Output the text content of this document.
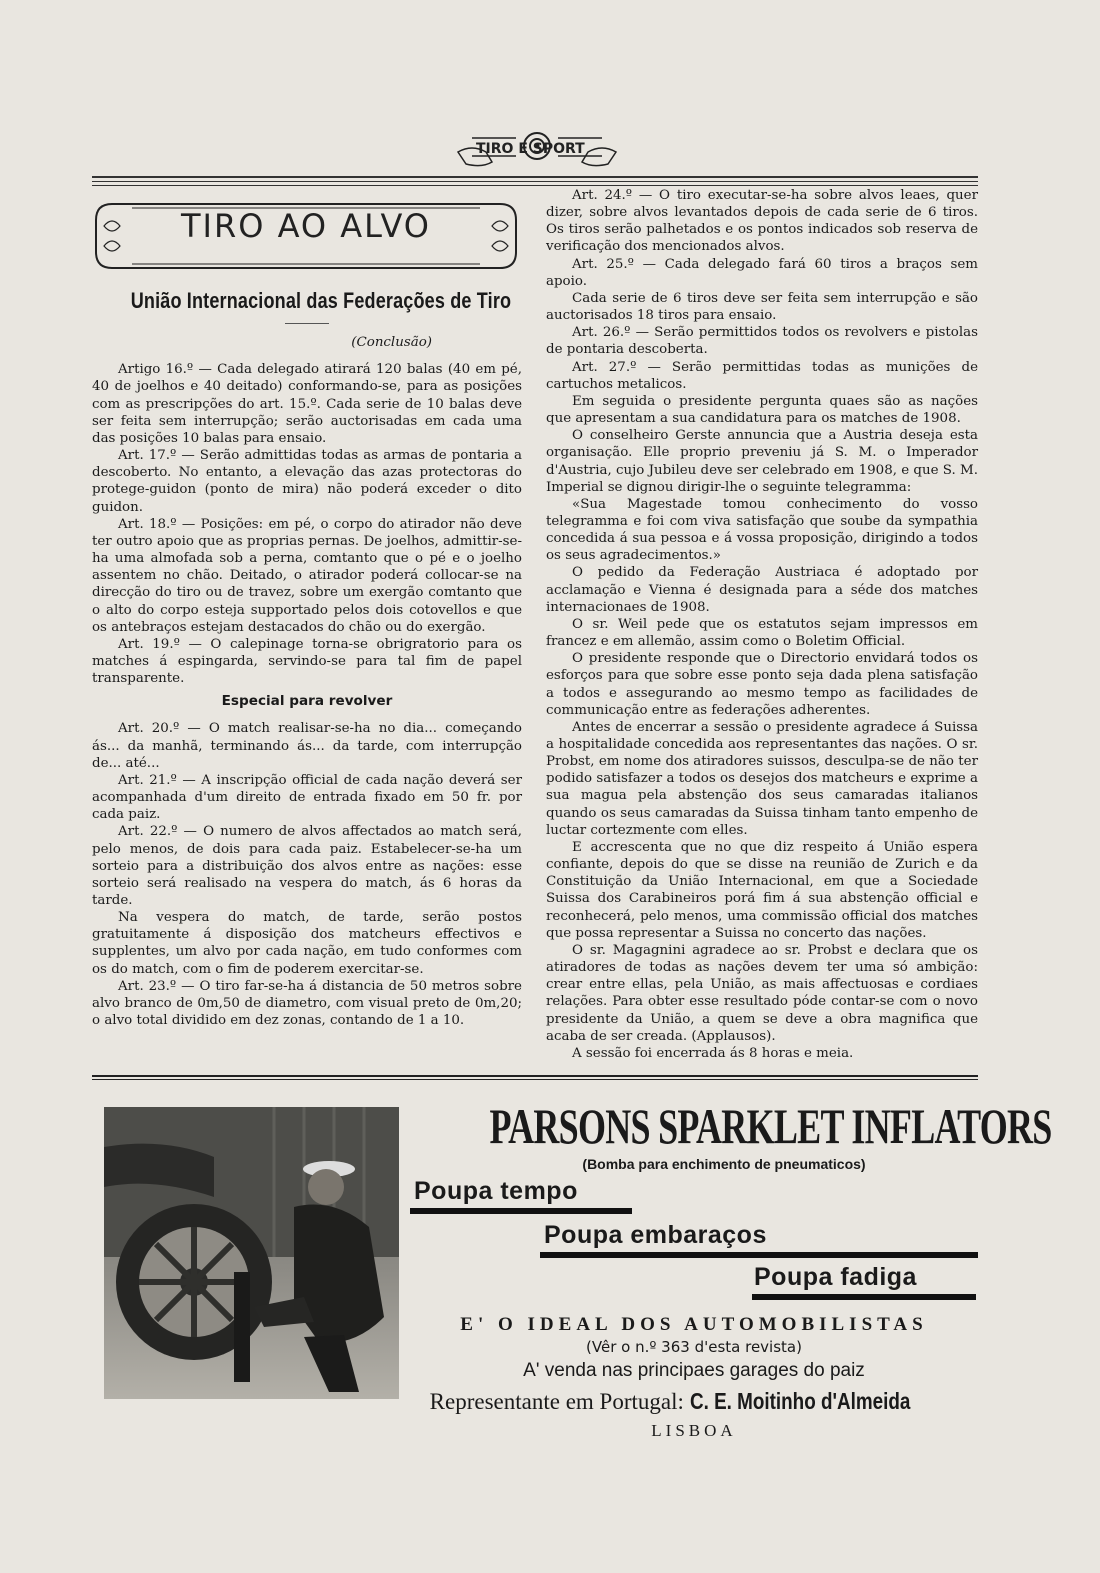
TIRO E SPORT
TIRO AO ALVO
União Internacional das Federações de Tiro
(Conclusão)

Artigo 16.º — Cada delegado atirará 120 balas (40 em pé, 40 de joelhos e 40 deitado) conformando-se, para as posições com as prescripções do art. 15.º. Cada serie de 10 balas deve ser feita sem interrupção; serão auctorisadas em cada uma das posições 10 balas para ensaio.

Art. 17.º — Serão admittidas todas as armas de pontaria a descoberto. No entanto, a elevação das azas protectoras do protege-guidon (ponto de mira) não poderá exceder o dito guidon.

Art. 18.º — Posições: em pé, o corpo do atirador não deve ter outro apoio que as proprias pernas. De joelhos, admittir-se-ha uma almofada sob a perna, comtanto que o pé e o joelho assentem no chão. Deitado, o atirador poderá collocar-se na direcção do tiro ou de travez, sobre um exergão comtanto que o alto do corpo esteja supportado pelos dois cotovellos e que os antebraços estejam destacados do chão ou do exergão.

Art. 19.º — O calepinage torna-se obrigratorio para os matches á espingarda, servindo-se para tal fim de papel transparente.

Especial para revolver

Art. 20.º — O match realisar-se-ha no dia... começando ás... da manhã, terminando ás... da tarde, com interrupção de... até...

Art. 21.º — A inscripção official de cada nação deverá ser acompanhada d'um direito de entrada fixado em 50 fr. por cada paiz.

Art. 22.º — O numero de alvos affectados ao match será, pelo menos, de dois para cada paiz. Estabelecer-se-ha um sorteio para a distribuição dos alvos entre as nações: esse sorteio será realisado na vespera do match, ás 6 horas da tarde.

Na vespera do match, de tarde, serão postos gratuitamente á disposição dos matcheurs effectivos e supplentes, um alvo por cada nação, em tudo conformes com os do match, com o fim de poderem exercitar-se.

Art. 23.º — O tiro far-se-ha á distancia de 50 metros sobre alvo branco de 0m,50 de diametro, com visual preto de 0m,20; o alvo total dividido em dez zonas, contando de 1 a 10.

Art. 24.º — O tiro executar-se-ha sobre alvos leaes, quer dizer, sobre alvos levantados depois de cada serie de 6 tiros. Os tiros serão palhetados e os pontos indicados sob reserva de verificação dos mencionados alvos.

Art. 25.º — Cada delegado fará 60 tiros a braços sem apoio.

Cada serie de 6 tiros deve ser feita sem interrupção e são auctorisados 18 tiros para ensaio.

Art. 26.º — Serão permittidos todos os revolvers e pistolas de pontaria descoberta.

Art. 27.º — Serão permittidas todas as munições de cartuchos metalicos.

Em seguida o presidente pergunta quaes são as nações que apresentam a sua candidatura para os matches de 1908.

O conselheiro Gerste annuncia que a Austria deseja esta organisação. Elle proprio preveniu já S. M. o Imperador d'Austria, cujo Jubileu deve ser celebrado em 1908, e que S. M. Imperial se dignou dirigir-lhe o seguinte telegramma:

«Sua Magestade tomou conhecimento do vosso telegramma e foi com viva satisfação que soube da sympathia concedida á sua pessoa e á vossa proposição, dirigindo a todos os seus agradecimentos.»

O pedido da Federação Austriaca é adoptado por acclamação e Vienna é designada para a séde dos matches internacionaes de 1908.

O sr. Weil pede que os estatutos sejam impressos em francez e em allemão, assim como o Boletim Official.

O presidente responde que o Directorio envidará todos os esforços para que sobre esse ponto seja dada plena satisfação a todos e assegurando ao mesmo tempo as facilidades de communicação entre as federações adherentes.

Antes de encerrar a sessão o presidente agradece á Suissa a hospitalidade concedida aos representantes das nações. O sr. Probst, em nome dos atiradores suissos, desculpa-se de não ter podido satisfazer a todos os desejos dos matcheurs e exprime a sua magua pela abstenção dos seus camaradas italianos quando os seus camaradas da Suissa tinham tanto empenho de luctar cortezmente com elles.

E accrescenta que no que diz respeito á União espera confiante, depois do que se disse na reunião de Zurich e da Constituição da União Internacional, em que a Sociedade Suissa dos Carabineiros porá fim á sua abstenção official e reconhecerá, pelo menos, uma commissão official dos matches que possa representar a Suissa no concerto das nações.

O sr. Magagnini agradece ao sr. Probst e declara que os atiradores de todas as nações devem ter uma só ambição: crear entre ellas, pela União, as mais affectuosas e cordiaes relações. Para obter esse resultado póde contar-se com o novo presidente da União, a quem se deve a obra magnifica que acaba de ser creada. (Applausos).

A sessão foi encerrada ás 8 horas e meia.

PARSONS SPARKLET INFLATORS
(Bomba para enchimento de pneumaticos)
Poupa tempo
Poupa embaraços
Poupa fadiga
E' O IDEAL DOS AUTOMOBILISTAS
(Vêr o n.º 363 d'esta revista)
A' venda nas principaes garages do paiz
Representante em Portugal: C. E. Moitinho d'Almeida
LISBOA
